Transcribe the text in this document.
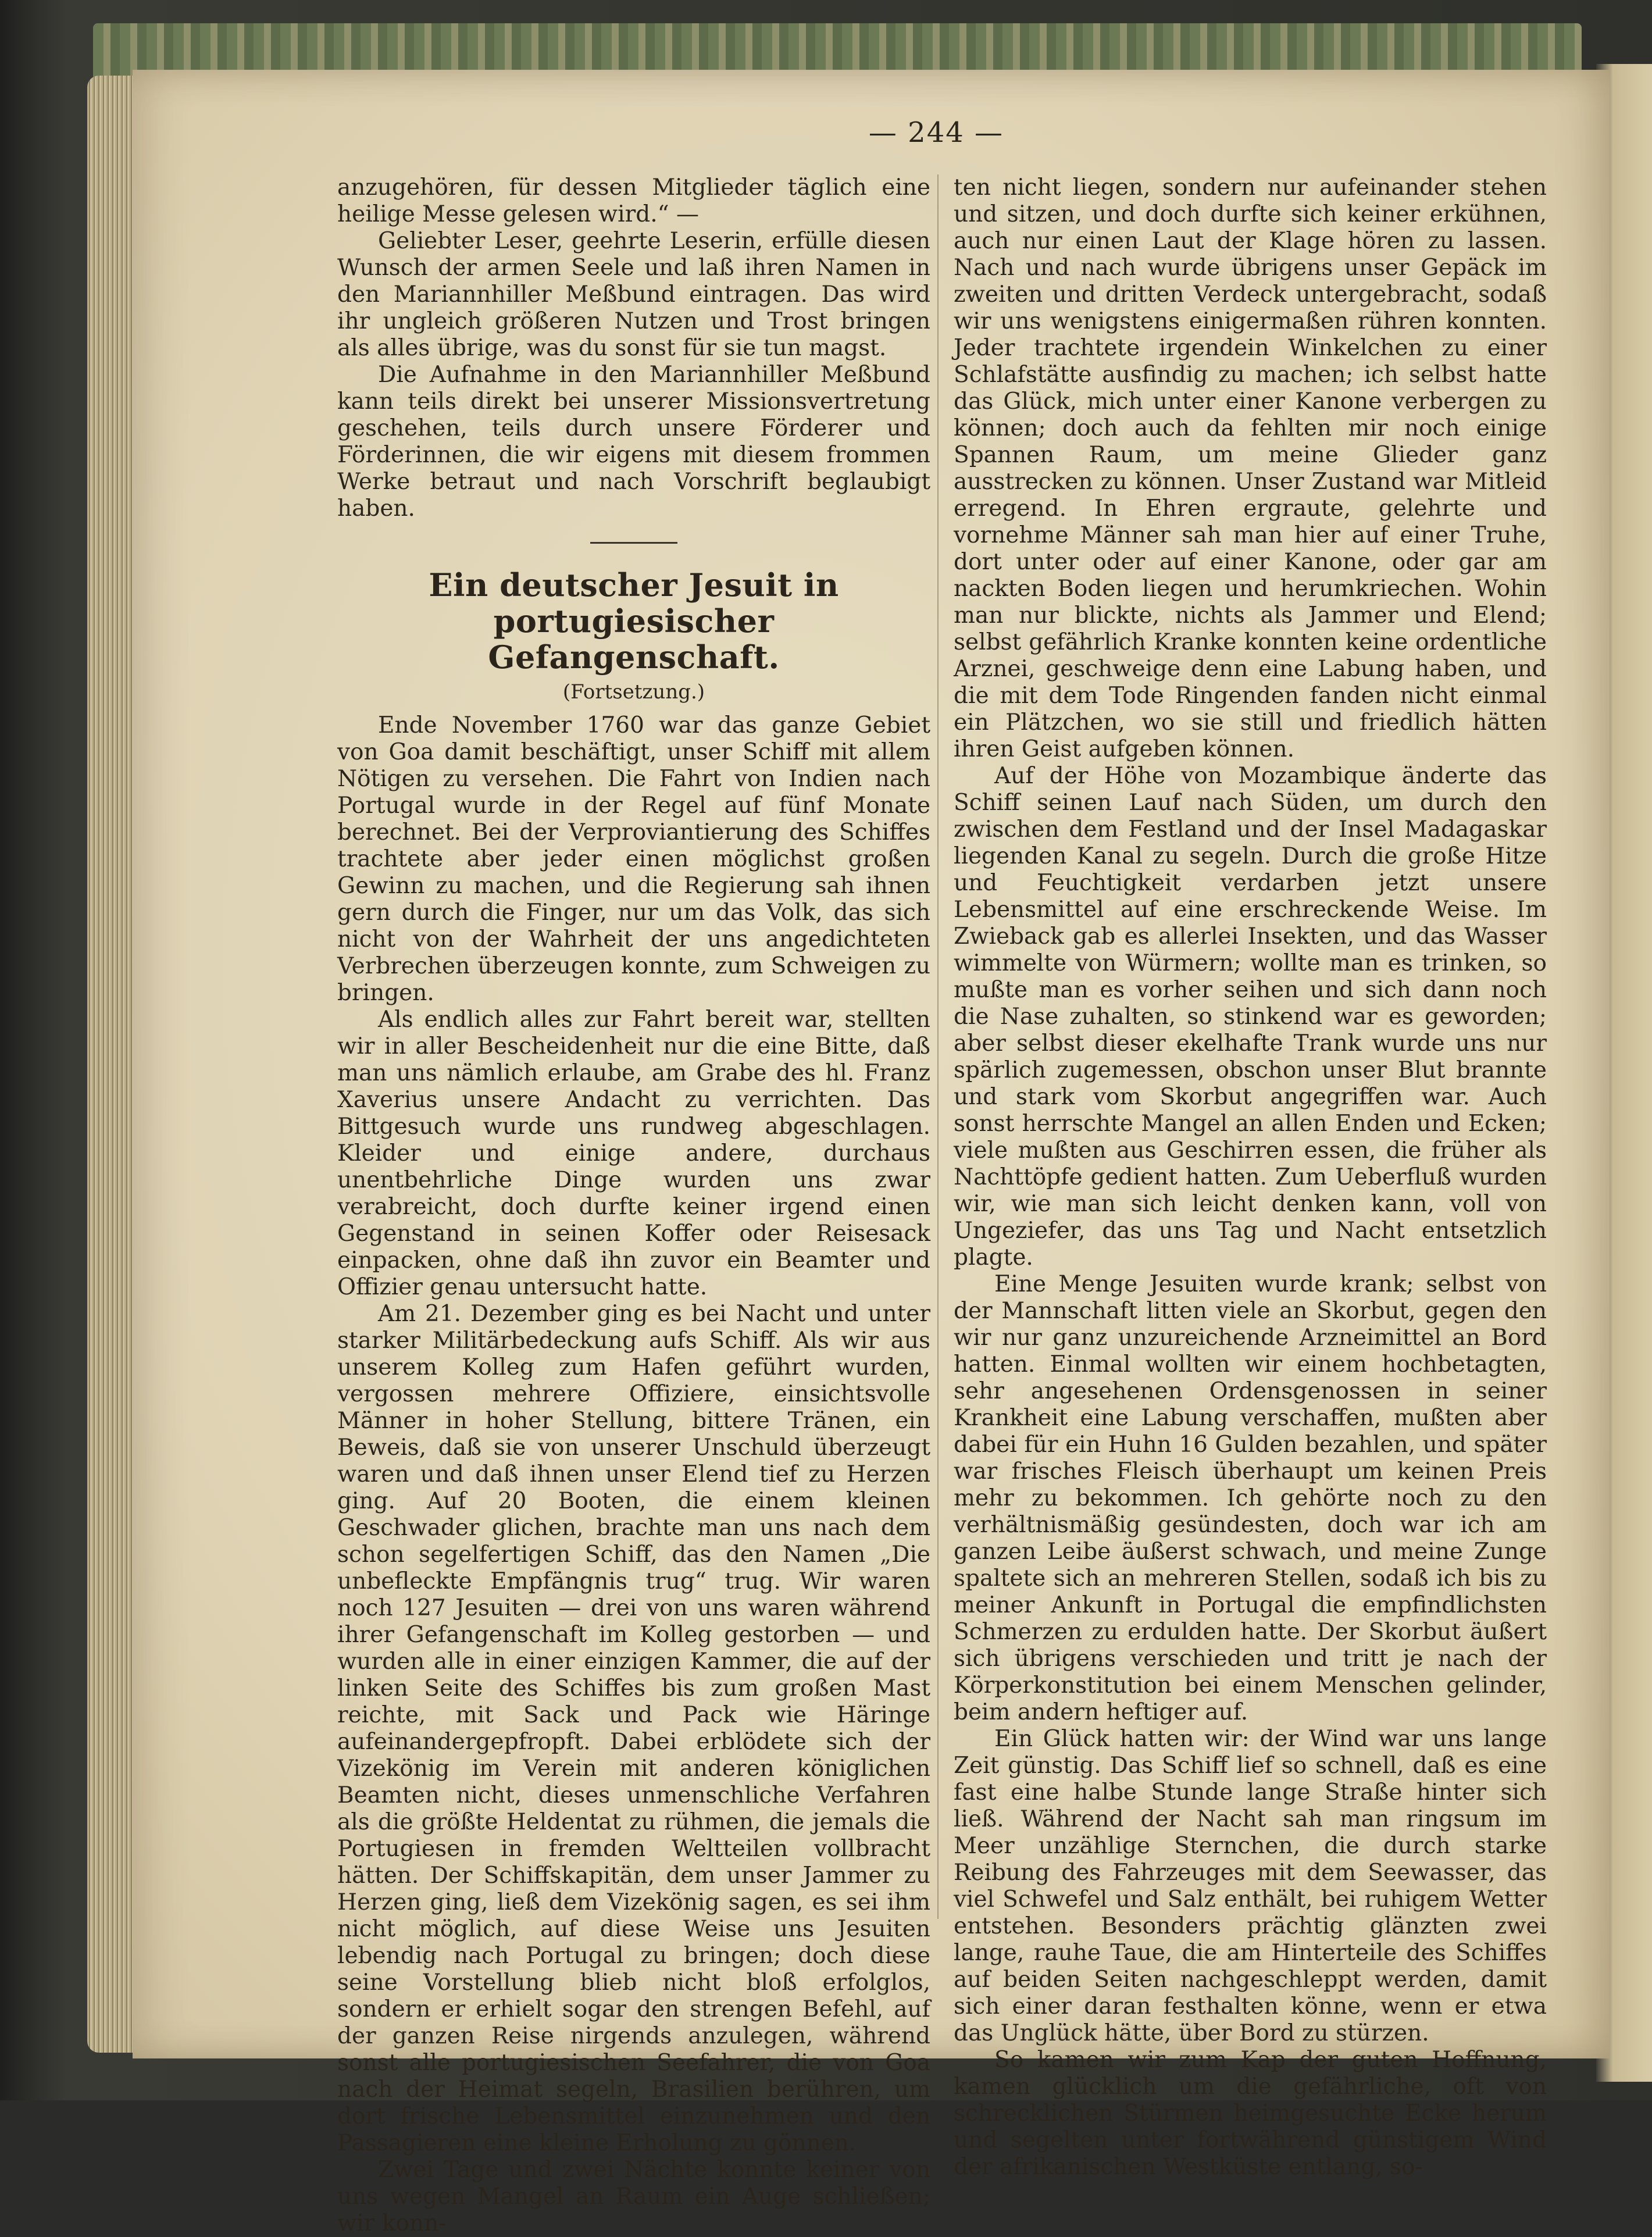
— 244 —

anzugehören, für dessen Mitglieder täglich eine heilige Messe gelesen wird.“ —

Geliebter Leser, geehrte Leserin, erfülle diesen Wunsch der armen Seele und laß ihren Namen in den Mariannhiller Meßbund eintragen. Das wird ihr ungleich größeren Nutzen und Trost bringen als alles übrige, was du sonst für sie tun magst.

Die Aufnahme in den Mariannhiller Meßbund kann teils direkt bei unserer Missionsvertretung geschehen, teils durch unsere Förderer und Förderinnen, die wir eigens mit diesem frommen Werke betraut und nach Vorschrift beglaubigt haben.

Ein deutscher Jesuit in portugiesischer Gefangenschaft.
(Fortsetzung.)

Ende November 1760 war das ganze Gebiet von Goa damit beschäftigt, unser Schiff mit allem Nötigen zu versehen. Die Fahrt von Indien nach Portugal wurde in der Regel auf fünf Monate berechnet. Bei der Verproviantierung des Schiffes trachtete aber jeder einen möglichst großen Gewinn zu machen, und die Regierung sah ihnen gern durch die Finger, nur um das Volk, das sich nicht von der Wahrheit der uns angedichteten Verbrechen überzeugen konnte, zum Schweigen zu bringen.

Als endlich alles zur Fahrt bereit war, stellten wir in aller Bescheidenheit nur die eine Bitte, daß man uns nämlich erlaube, am Grabe des hl. Franz Xaverius unsere Andacht zu verrichten. Das Bittgesuch wurde uns rundweg abgeschlagen. Kleider und einige andere, durchaus unentbehrliche Dinge wurden uns zwar verabreicht, doch durfte keiner irgend einen Gegenstand in seinen Koffer oder Reisesack einpacken, ohne daß ihn zuvor ein Beamter und Offizier genau untersucht hatte.

Am 21. Dezember ging es bei Nacht und unter starker Militärbedeckung aufs Schiff. Als wir aus unserem Kolleg zum Hafen geführt wurden, vergossen mehrere Offiziere, einsichtsvolle Männer in hoher Stellung, bittere Tränen, ein Beweis, daß sie von unserer Unschuld überzeugt waren und daß ihnen unser Elend tief zu Herzen ging. Auf 20 Booten, die einem kleinen Geschwader glichen, brachte man uns nach dem schon segelfertigen Schiff, das den Namen „Die unbefleckte Empfängnis trug“ trug. Wir waren noch 127 Jesuiten — drei von uns waren während ihrer Gefangenschaft im Kolleg gestorben — und wurden alle in einer einzigen Kammer, die auf der linken Seite des Schiffes bis zum großen Mast reichte, mit Sack und Pack wie Häringe aufeinandergepfropft. Dabei erblödete sich der Vizekönig im Verein mit anderen königlichen Beamten nicht, dieses unmenschliche Verfahren als die größte Heldentat zu rühmen, die jemals die Portugiesen in fremden Weltteilen vollbracht hätten. Der Schiffskapitän, dem unser Jammer zu Herzen ging, ließ dem Vizekönig sagen, es sei ihm nicht möglich, auf diese Weise uns Jesuiten lebendig nach Portugal zu bringen; doch diese seine Vorstellung blieb nicht bloß erfolglos, sondern er erhielt sogar den strengen Befehl, auf der ganzen Reise nirgends anzulegen, während sonst alle portugiesischen Seefahrer, die von Goa nach der Heimat segeln, Brasilien berühren, um dort frische Lebensmittel einzunehmen und den Passagieren eine kleine Erholung zu gönnen.

Zwei Tage und zwei Nächte konnte keiner von uns wegen Mangel an Raum ein Auge schließen; wir konn-

ten nicht liegen, sondern nur aufeinander stehen und sitzen, und doch durfte sich keiner erkühnen, auch nur einen Laut der Klage hören zu lassen. Nach und nach wurde übrigens unser Gepäck im zweiten und dritten Verdeck untergebracht, sodaß wir uns wenigstens einigermaßen rühren konnten. Jeder trachtete irgendein Winkelchen zu einer Schlafstätte ausfindig zu machen; ich selbst hatte das Glück, mich unter einer Kanone verbergen zu können; doch auch da fehlten mir noch einige Spannen Raum, um meine Glieder ganz ausstrecken zu können. Unser Zustand war Mitleid erregend. In Ehren ergraute, gelehrte und vornehme Männer sah man hier auf einer Truhe, dort unter oder auf einer Kanone, oder gar am nackten Boden liegen und herumkriechen. Wohin man nur blickte, nichts als Jammer und Elend; selbst gefährlich Kranke konnten keine ordentliche Arznei, geschweige denn eine Labung haben, und die mit dem Tode Ringenden fanden nicht einmal ein Plätzchen, wo sie still und friedlich hätten ihren Geist aufgeben können.

Auf der Höhe von Mozambique änderte das Schiff seinen Lauf nach Süden, um durch den zwischen dem Festland und der Insel Madagaskar liegenden Kanal zu segeln. Durch die große Hitze und Feuchtigkeit verdarben jetzt unsere Lebensmittel auf eine erschreckende Weise. Im Zwieback gab es allerlei Insekten, und das Wasser wimmelte von Würmern; wollte man es trinken, so mußte man es vorher seihen und sich dann noch die Nase zuhalten, so stinkend war es geworden; aber selbst dieser ekelhafte Trank wurde uns nur spärlich zugemessen, obschon unser Blut brannte und stark vom Skorbut angegriffen war. Auch sonst herrschte Mangel an allen Enden und Ecken; viele mußten aus Geschirren essen, die früher als Nachttöpfe gedient hatten. Zum Ueberfluß wurden wir, wie man sich leicht denken kann, voll von Ungeziefer, das uns Tag und Nacht entsetzlich plagte.

Eine Menge Jesuiten wurde krank; selbst von der Mannschaft litten viele an Skorbut, gegen den wir nur ganz unzureichende Arzneimittel an Bord hatten. Einmal wollten wir einem hochbetagten, sehr angesehenen Ordensgenossen in seiner Krankheit eine Labung verschaffen, mußten aber dabei für ein Huhn 16 Gulden bezahlen, und später war frisches Fleisch überhaupt um keinen Preis mehr zu bekommen. Ich gehörte noch zu den verhältnismäßig gesündesten, doch war ich am ganzen Leibe äußerst schwach, und meine Zunge spaltete sich an mehreren Stellen, sodaß ich bis zu meiner Ankunft in Portugal die empfindlichsten Schmerzen zu erdulden hatte. Der Skorbut äußert sich übrigens verschieden und tritt je nach der Körperkonstitution bei einem Menschen gelinder, beim andern heftiger auf.

Ein Glück hatten wir: der Wind war uns lange Zeit günstig. Das Schiff lief so schnell, daß es eine fast eine halbe Stunde lange Straße hinter sich ließ. Während der Nacht sah man ringsum im Meer unzählige Sternchen, die durch starke Reibung des Fahrzeuges mit dem Seewasser, das viel Schwefel und Salz enthält, bei ruhigem Wetter entstehen. Besonders prächtig glänzten zwei lange, rauhe Taue, die am Hinterteile des Schiffes auf beiden Seiten nachgeschleppt werden, damit sich einer daran festhalten könne, wenn er etwa das Unglück hätte, über Bord zu stürzen.

So kamen wir zum Kap der guten Hoffnung, kamen glücklich um die gefährliche, oft von schrecklichen Stürmen heimgesuchte Ecke herum und segelten unter fortwährend günstigem Wind der afrikanischen Westküste entlang, so-
